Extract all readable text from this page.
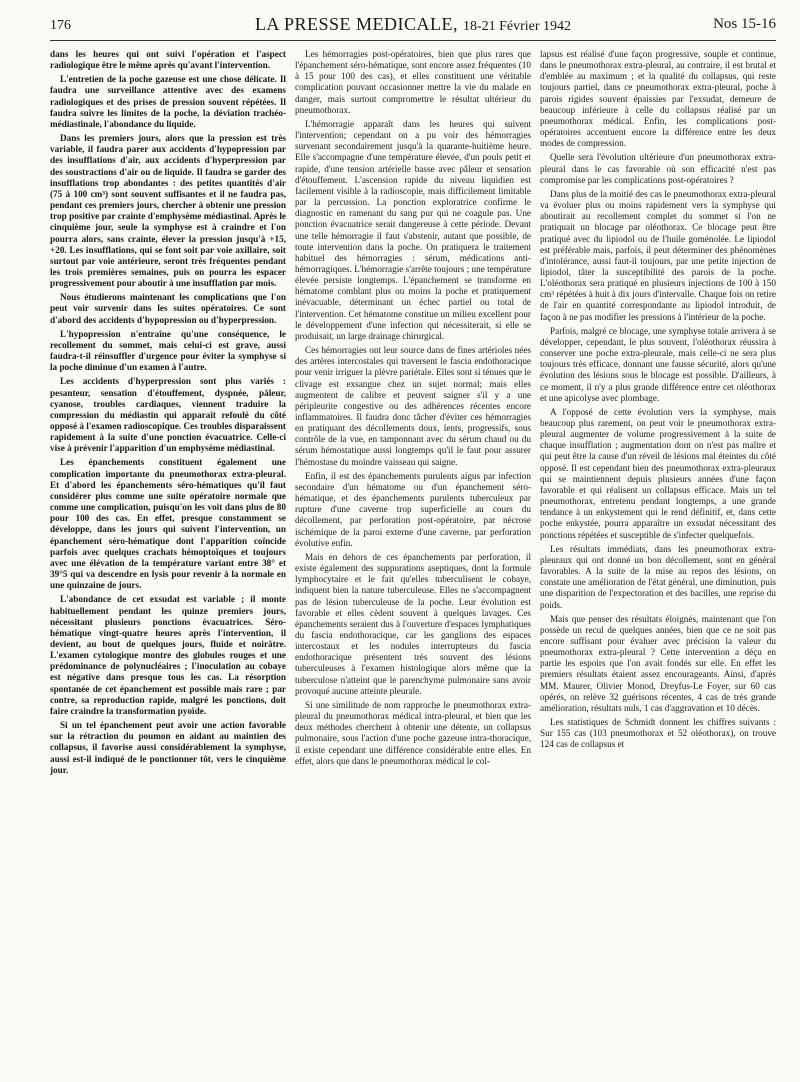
176	LA PRESSE MEDICALE, 18-21 Février 1942	Nos 15-16

dans les heures qui ont suivi l'opération et l'aspect radiologique être le même après qu'avant l'intervention.

L'entretien de la poche gazeuse est une chose délicate. Il faudra une surveillance attentive avec des examens radiologiques et des prises de pression souvent répétées. Il faudra suivre les limites de la poche, la déviation trachéo-médiastinale, l'abondance du liquide.

Dans les premiers jours, alors que la pression est très variable, il faudra parer aux accidents d'hypopression par des insufflations d'air, aux accidents d'hyperpression par des soustractions d'air ou de liquide. Il faudra se garder des insufflations trop abondantes : des petites quantités d'air (75 à 100 cm³) sont souvent suffisantes et il ne faudra pas, pendant ces premiers jours, chercher à obtenir une pression trop positive par crainte d'emphysème médiastinal. Après le cinquième jour, seule la symphyse est à craindre et l'on pourra alors, sans crainte, élever la pression jusqu'à +15, +20. Les insufflations, qui se font soit par voie axillaire, soit surtout par voie antérieure, seront très fréquentes pendant les trois premières semaines, puis on pourra les espacer progressivement pour aboutir à une insufflation par mois.

Nous étudierons maintenant les complications que l'on peut voir survenir dans les suites opératoires. Ce sont d'abord des accidents d'hypopression ou d'hyperpression.

L'hypopression n'entraîne qu'une conséquence, le recollement du sommet, mais celui-ci est grave, aussi faudra-t-il réinsuffler d'urgence pour éviter la symphyse si la poche diminue d'un examen à l'autre.

Les accidents d'hyperpression sont plus variés : pesanteur, sensation d'étouffement, dyspnée, pâleur, cyanose, troubles cardiaques, viennent traduire la compression du médiastin qui apparaît refoulé du côté opposé à l'examen radioscopique. Ces troubles disparaissent rapidement à la suite d'une ponction évacuatrice. Celle-ci vise à prévenir l'apparition d'un emphysème médiastinal.

Les épanchements constituent également une complication importante du pneumothorax extra-pleural. Et d'abord les épanchements séro-hématiques qu'il faut considérer plus comme une suite opératoire normale que comme une complication, puisqu'on les voit dans plus de 80 pour 100 des cas. En effet, presque constamment se développe, dans les jours qui suivent l'intervention, un épanchement séro-hématique dont l'apparition coïncide parfois avec quelques crachats hémoptoïques et toujours avec une élévation de la température variant entre 38° et 39°5 qui va descendre en lysis pour revenir à la normale en une quinzaine de jours.

L'abondance de cet exsudat est variable ; il monte habituellement pendant les quinze premiers jours, nécessitant plusieurs ponctions évacuatrices. Séro-hématique vingt-quatre heures après l'intervention, il devient, au bout de quelques jours, fluide et noirâtre. L'examen cytologique montre des globules rouges et une prédominance de polynucléaires ; l'inoculation au cobaye est négative dans presque tous les cas. La résorption spontanée de cet épanchement est possible mais rare ; par contre, sa reproduction rapide, malgré les ponctions, doit faire craindre la transformation pyoïde.

Si un tel épanchement peut avoir une action favorable sur la rétraction du poumon en aidant au maintien des collapsus, il favorise aussi considérablement la symphyse, aussi est-il indiqué de le ponctionner tôt, vers le cinquième jour.

Les hémorragies post-opératoires, bien que plus rares que l'épanchement séro-hématique, sont encore assez fréquentes (10 à 15 pour 100 des cas), et elles constituent une véritable complication pouvant occasionner mettre la vie du malade en danger, mais surtout compromettre le résultat ultérieur du pneumothorax.

L'hémorragie apparaît dans les heures qui suivent l'intervention; cependant on a pu voir des hémorragies survenant secondairement jusqu'à la quarante-huitième heure. Elle s'accompagne d'une température élevée, d'un pouls petit et rapide, d'une tension artérielle basse avec pâleur et sensation d'étouffement. L'ascension rapide du niveau liquidien est facilement visible à la radioscopie, mais difficilement limitable par la percussion. La ponction exploratrice confirme le diagnostic en ramenant du sang pur qui ne coagule pas. Une ponction évacuatrice serait dangereuse à cette période. Devant une telle hémorragie il faut s'abstenir, autant que possible, de toute intervention dans la poche. On pratiquera le traitement habituel des hémorragies : sérum, médications anti-hémorragiques. L'hémorragie s'arrête toujours ; une température élevée persiste longtemps. L'épanchement se transforme en hématome comblant plus ou moins la poche et pratiquement inévacuable, déterminant un échec partiel ou total de l'intervention. Cet hématome constitue un milieu excellent pour le développement d'une infection qui nécessiterait, si elle se produisait, un large drainage chirurgical.

Ces hémorragies ont leur source dans de fines artérioles nées des artères intercostales qui traversent le fascia endothoracique pour venir irriguer la plèvre pariétale. Elles sont si ténues que le clivage est exsangue chez un sujet normal; mais elles augmentent de calibre et peuvent saigner s'il y a une péripleurite congestive ou des adhérences récentes encore inflammatoires. Il faudra donc tâcher d'éviter ces hémorragies en pratiquant des décollements doux, lents, progressifs, sous contrôle de la vue, en tamponnant avec du sérum chaud ou du sérum hémostatique aussi longtemps qu'il le faut pour assurer l'hémostase du moindre vaisseau qui saigne.

Enfin, il est des épanchements purulents aigus par infection secondaire d'un hématome ou d'un épanchement séro-hématique, et des épanchements purulents tuberculeux par rupture d'une caverne trop superficielle au cours du décollement, par perforation post-opératoire, par nécrose ischémique de la paroi externe d'une caverne, par perforation évolutive enfin.

Mais en dehors de ces épanchements par perforation, il existe également des suppurations aseptiques, dont la formule lymphocytaire et le fait qu'elles tuberculisent le cobaye, indiquent bien la nature tuberculeuse. Elles ne s'accompagnent pas de lésion tuberculeuse de la poche. Leur évolution est favorable et elles cèdent souvent à quelques lavages. Ces épanchements seraient dus à l'ouverture d'espaces lymphatiques du fascia endothoracique, car les ganglions des espaces intercostaux et les nodules interrupteurs du fascia endothoracique présentent très souvent des lésions tuberculeuses à l'examen histologique alors même que la tuberculose n'atteint que le parenchyme pulmonaire sans avoir provoqué aucune atteinte pleurale.

Si une similitude de nom rapproche le pneumothorax extra-pleural du pneumothorax médical intra-pleural, et bien que les deux méthodes cherchent à obtenir une détente, un collapsus pulmonaire, sous l'action d'une poche gazeuse intra-thoracique, il existe cependant une différence considérable entre elles. En effet, alors que dans le pneumothorax médical le col-

lapsus est réalisé d'une façon progressive, souple et continue, dans le pneumothorax extra-pleural, au contraire, il est brutal et d'emblée au maximum ; et la qualité du collapsus, qui reste toujours partiel, dans ce pneumothorax extra-pleural, poche à parois rigides souvent épaissies par l'exsudat, demeure de beaucoup inférieure à celle du collapsus réalisé par un pneumothorax médical. Enfin, les complications post-opératoires accentuent encore la différence entre les deux modes de compression.

Quelle sera l'évolution ultérieure d'un pneumothorax extra-pleural dans le cas favorable où son efficacité n'est pas compromise par les complications post-opératoires ?

Dans plus de la moitié des cas le pneumothorax extra-pleural va évoluer plus ou moins rapidement vers la symphyse qui aboutirait au recollement complet du sommet si l'on ne pratiquait un blocage par oléothorax. Ce blocage peut être pratiqué avec du lipiodol ou de l'huile goménolée. Le lipiodol est préférable mais, parfois, il peut déterminer des phénomènes d'intolérance, aussi faut-il toujours, par une petite injection de lipiodol, tâter la susceptibilité des parois de la poche. L'oléothorax sera pratiqué en plusieurs injections de 100 à 150 cm³ répétées à huit à dix jours d'intervalle. Chaque fois on retire de l'air en quantité correspondante au lipiodol introduit, de façon à ne pas modifier les pressions à l'intérieur de la poche.

Parfois, malgré ce blocage, une symphyse totale arrivera à se développer, cependant, le plus souvent, l'oléothorax réussira à conserver une poche extra-pleurale, mais celle-ci ne sera plus toujours très efficace, donnant une fausse sécurité, alors qu'une évolution des lésions sous le blocage est possible. D'ailleurs, à ce moment, il n'y a plus grande différence entre cet oléothorax et une apicolyse avec plombage.

A l'opposé de cette évolution vers la symphyse, mais beaucoup plus rarement, on peut voir le pneumothorax extra-pleural augmenter de volume progressivement à la suite de chaque insufflation ; augmentation dont on n'est pas maître et qui peut être la cause d'un réveil de lésions mal éteintes du côté opposé. Il est cependant bien des pneumothorax extra-pleuraux qui se maintiennent depuis plusieurs années d'une façon favorable et qui réalisent un collapsus efficace. Mais un tel pneumothorax, entretenu pendant longtemps, a une grande tendance à un enkystement qui le rend définitif, et, dans cette poche enkystée, pourra apparaître un exsudat nécessitant des ponctions répétées et susceptible de s'infecter quelquefois.

Les résultats immédiats, dans les pneumothorax extra-pleuraux qui ont donné un bon décollement, sont en général favorables. A la suite de la mise au repos des lésions, on constate une amélioration de l'état général, une diminution, puis une disparition de l'expectoration et des bacilles, une reprise du poids.

Mais que penser des résultats éloignés, maintenant que l'on possède un recul de quelques années, bien que ce ne soit pas encore suffisant pour évaluer avec précision la valeur du pneumothorax extra-pleural ? Cette intervention a déçu en partie les espoirs que l'on avait fondés sur elle. En effet les premiers résultats étaient assez encourageants. Ainsi, d'après MM. Maurer, Olivier Monod, Dreyfus-Le Foyer, sur 60 cas opérés, on relève 32 guérisons récentes, 4 cas de très grande amélioration, résultats nuls, 1 cas d'aggravation et 10 décès.

Les statistiques de Schmidt donnent les chiffres suivants : Sur 155 cas (103 pneumothorax et 52 oléothorax), on trouve 124 cas de collapsus et
